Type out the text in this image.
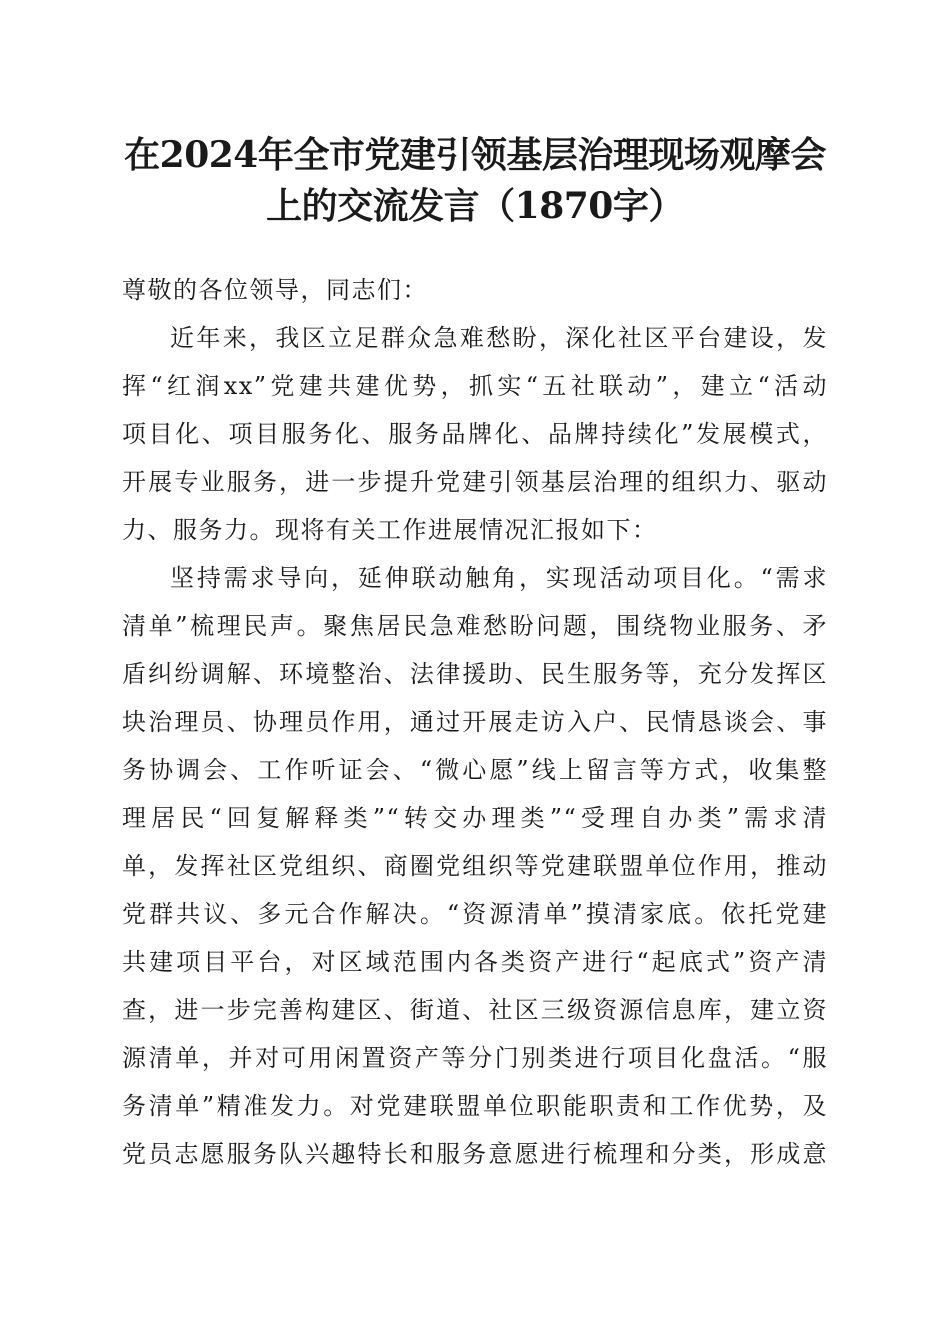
在2024年全市党建引领基层治理现场观摩会
上的交流发言（1870字）
尊敬的各位领导，同志们：
近年来，我区立足群众急难愁盼，深化社区平台建设，发
挥“红润xx”党建共建优势，抓实“五社联动”，建立“活动
项目化、项目服务化、服务品牌化、品牌持续化”发展模式，
开展专业服务，进一步提升党建引领基层治理的组织力、驱动
力、服务力。现将有关工作进展情况汇报如下：
坚持需求导向，延伸联动触角，实现活动项目化。“需求
清单”梳理民声。聚焦居民急难愁盼问题，围绕物业服务、矛
盾纠纷调解、环境整治、法律援助、民生服务等，充分发挥区
块治理员、协理员作用，通过开展走访入户、民情恳谈会、事
务协调会、工作听证会、“微心愿”线上留言等方式，收集整
理居民“回复解释类”“转交办理类”“受理自办类”需求清
单，发挥社区党组织、商圈党组织等党建联盟单位作用，推动
党群共议、多元合作解决。“资源清单”摸清家底。依托党建
共建项目平台，对区域范围内各类资产进行“起底式”资产清
查，进一步完善构建区、街道、社区三级资源信息库，建立资
源清单，并对可用闲置资产等分门别类进行项目化盘活。“服
务清单”精准发力。对党建联盟单位职能职责和工作优势，及
党员志愿服务队兴趣特长和服务意愿进行梳理和分类，形成意
